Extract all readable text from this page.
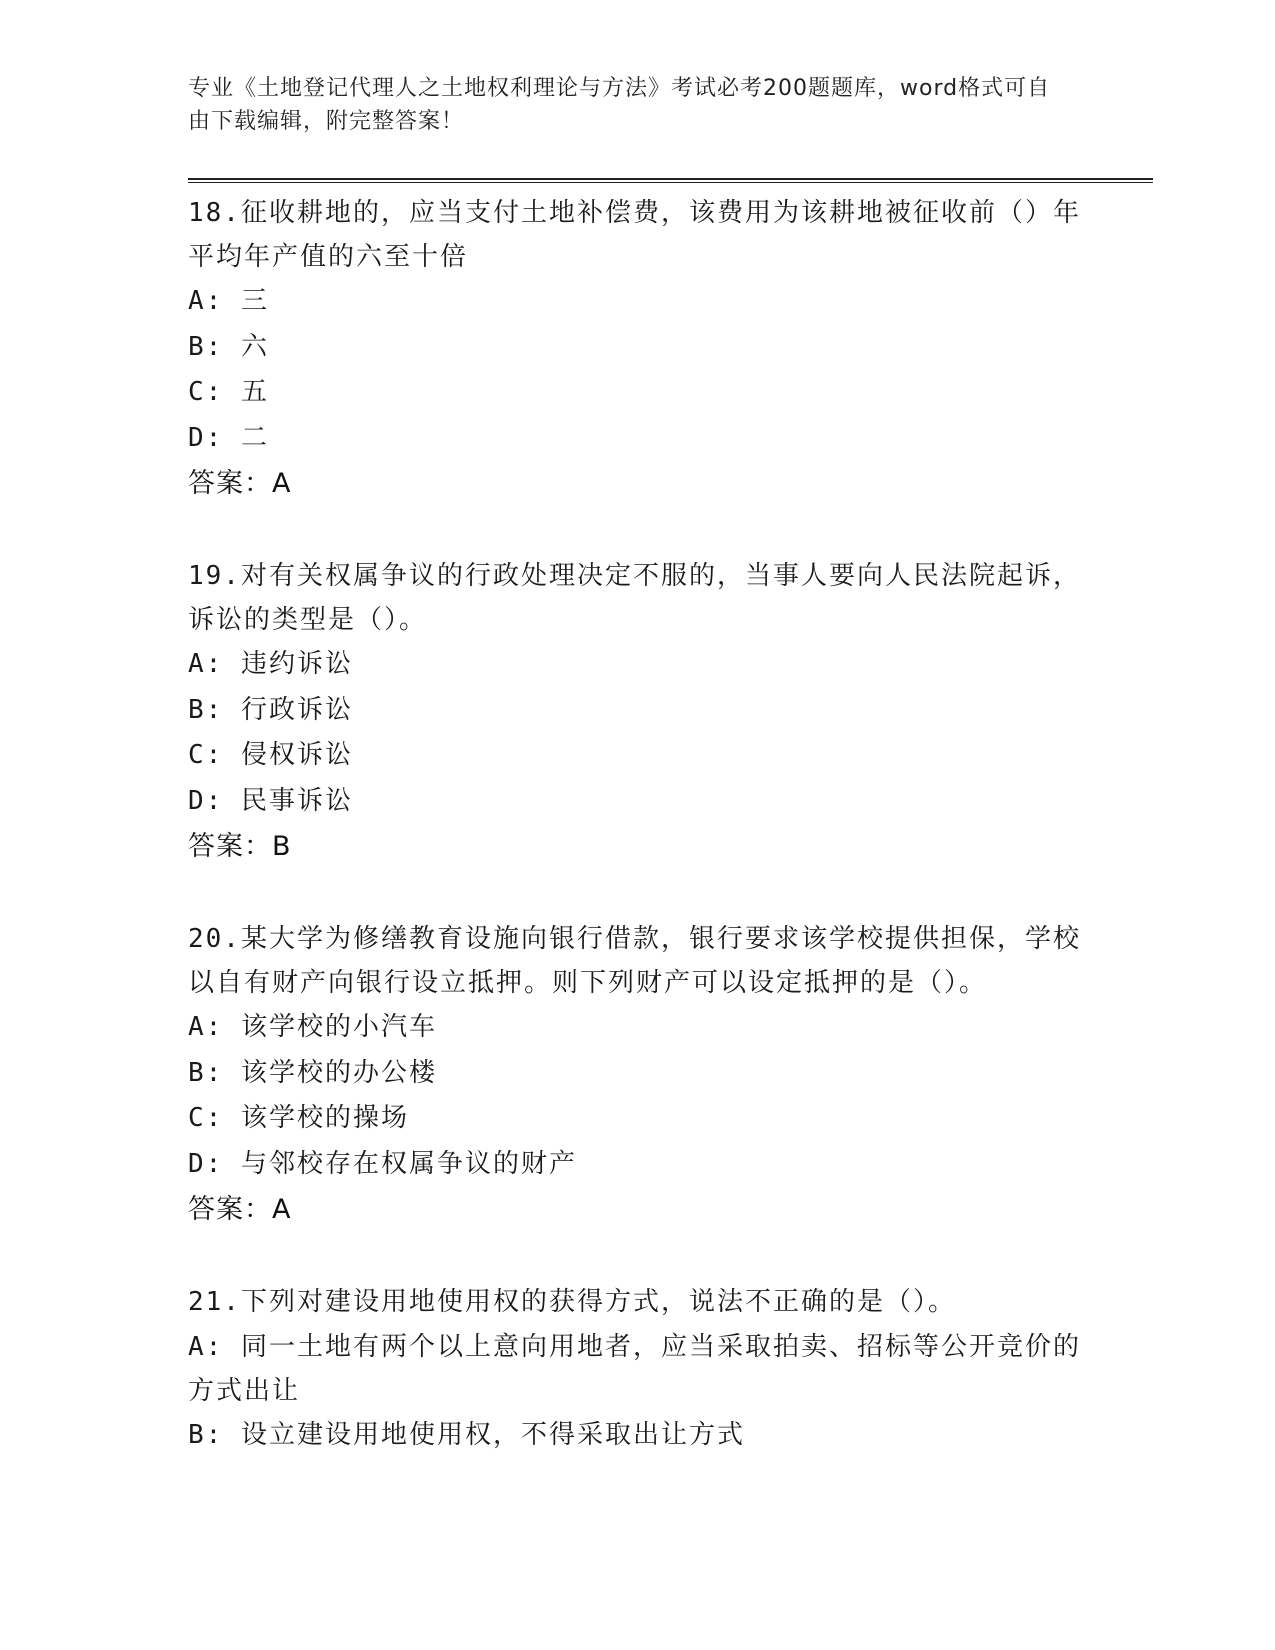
专业《土地登记代理人之土地权利理论与方法》考试必考200题题库，word格式可自由下载编辑，附完整答案！

18.征收耕地的，应当支付土地补偿费，该费用为该耕地被征收前（）年平均年产值的六至十倍

A: 三

B: 六

C: 五

D: 二

答案：A

19.对有关权属争议的行政处理决定不服的，当事人要向人民法院起诉，诉讼的类型是（）。

A: 违约诉讼

B: 行政诉讼

C: 侵权诉讼

D: 民事诉讼

答案：B

20.某大学为修缮教育设施向银行借款，银行要求该学校提供担保，学校以自有财产向银行设立抵押。则下列财产可以设定抵押的是（）。

A: 该学校的小汽车

B: 该学校的办公楼

C: 该学校的操场

D: 与邻校存在权属争议的财产

答案：A

21.下列对建设用地使用权的获得方式，说法不正确的是（）。

A: 同一土地有两个以上意向用地者，应当采取拍卖、招标等公开竞价的方式出让

B: 设立建设用地使用权，不得采取出让方式
